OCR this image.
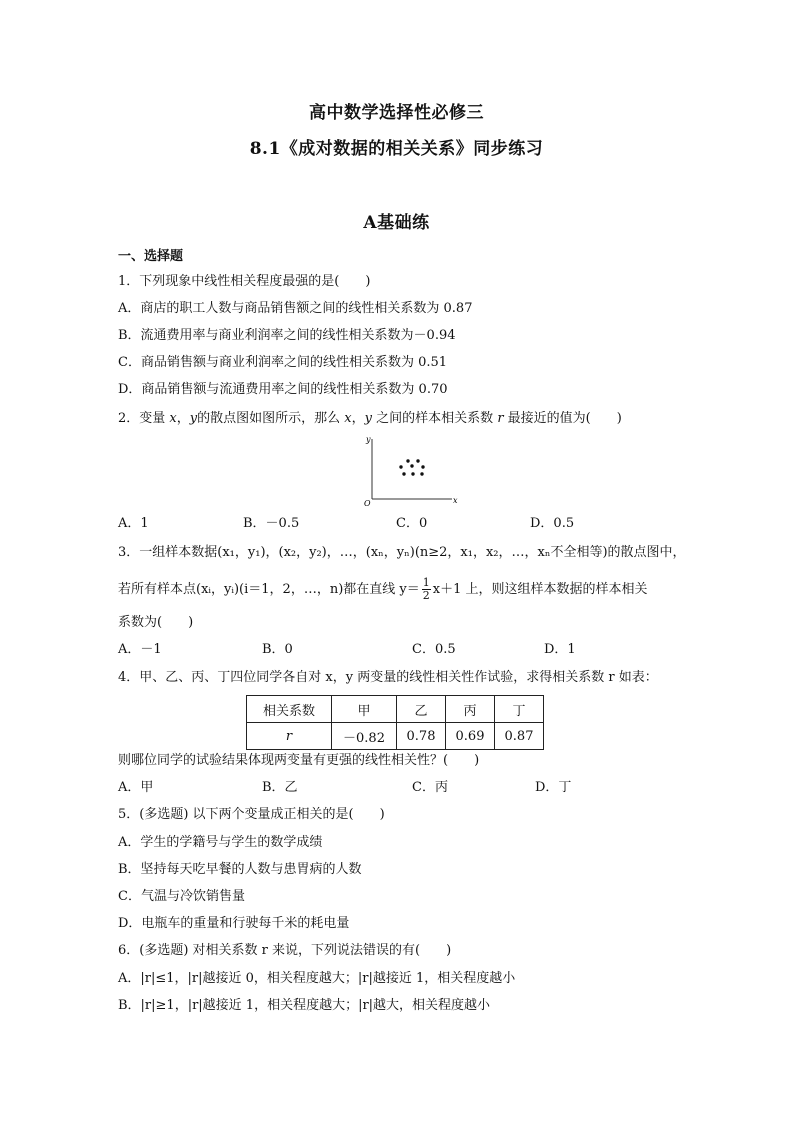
高中数学选择性必修三
8.1《成对数据的相关关系》同步练习
A基础练
一、选择题
1．下列现象中线性相关程度最强的是(　　)
A．商店的职工人数与商品销售额之间的线性相关系数为 0.87
B．流通费用率与商业利润率之间的线性相关系数为－0.94
C．商品销售额与商业利润率之间的线性相关系数为 0.51
D．商品销售额与流通费用率之间的线性相关系数为 0.70
2．变量 x，y的散点图如图所示，那么 x，y 之间的样本相关系数 r 最接近的值为(　　)
y
x
O
A．1	B．－0.5	C．0	D．0.5
3．一组样本数据(x₁，y₁)，(x₂，y₂)，…，(xₙ，yₙ)(n≥2，x₁，x₂，…，xₙ不全相等)的散点图中，
若所有样本点(xᵢ，yᵢ)(i＝1，2，…，n)都在直线 $y= \frac{1}{2} x+1$ 上，则这组样本数据的样本相关
系数为(　　)
A．－1	B．0	C．0.5	D．1
4．甲、乙、丙、丁四位同学各自对 x，y 两变量的线性相关性作试验，求得相关系数 r 如表：
相关系数	甲	乙	丙	丁
r	－0.82	0.78	0.69	0.87
则哪位同学的试验结果体现两变量有更强的线性相关性？(　　)
A．甲	B．乙	C．丙	D．丁
5．(多选题) 以下两个变量成正相关的是(　　)
A．学生的学籍号与学生的数学成绩
B．坚持每天吃早餐的人数与患胃病的人数
C．气温与冷饮销售量
D．电瓶车的重量和行驶每千米的耗电量
6．(多选题) 对相关系数 r 来说，下列说法错误的有(　　)
A．|r|≤1，|r|越接近 0，相关程度越大；|r|越接近 1，相关程度越小
B．|r|≥1，|r|越接近 1，相关程度越大；|r|越大，相关程度越小
